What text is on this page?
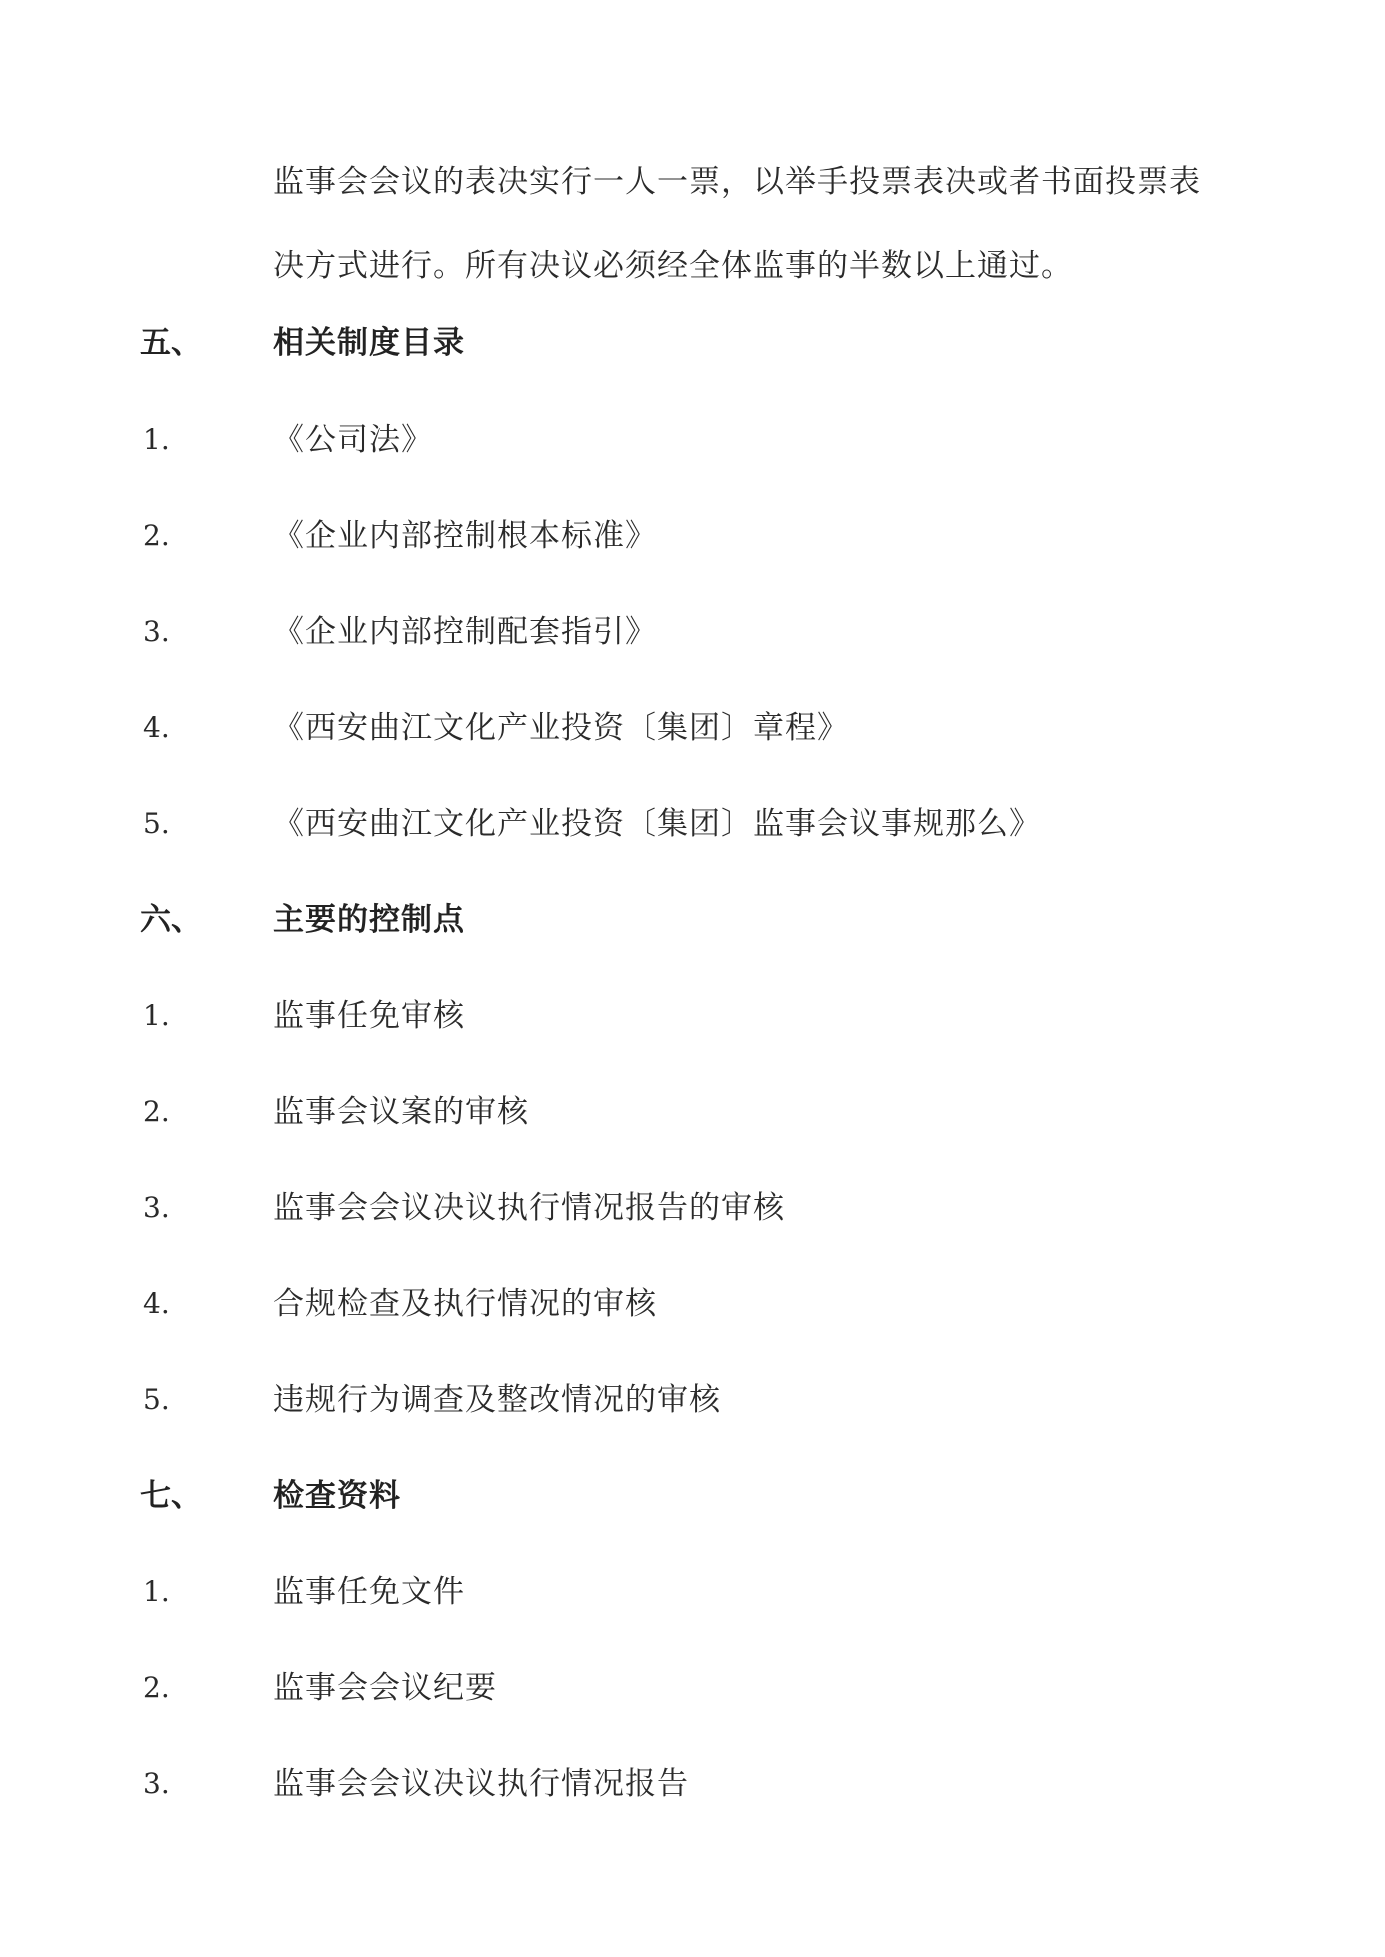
监事会会议的表决实行一人一票，以举手投票表决或者书面投票表
决方式进行。所有决议必须经全体监事的半数以上通过。

五、 相关制度目录
1.	《公司法》
2.	《企业内部控制根本标准》
3.	《企业内部控制配套指引》
4.	《西安曲江文化产业投资〔集团〕章程》
5.	《西安曲江文化产业投资〔集团〕监事会议事规那么》
六、 主要的控制点
1.	监事任免审核
2.	监事会议案的审核
3.	监事会会议决议执行情况报告的审核
4.	合规检查及执行情况的审核
5.	违规行为调查及整改情况的审核
七、 检查资料
1.	监事任免文件
2.	监事会会议纪要
3.	监事会会议决议执行情况报告
